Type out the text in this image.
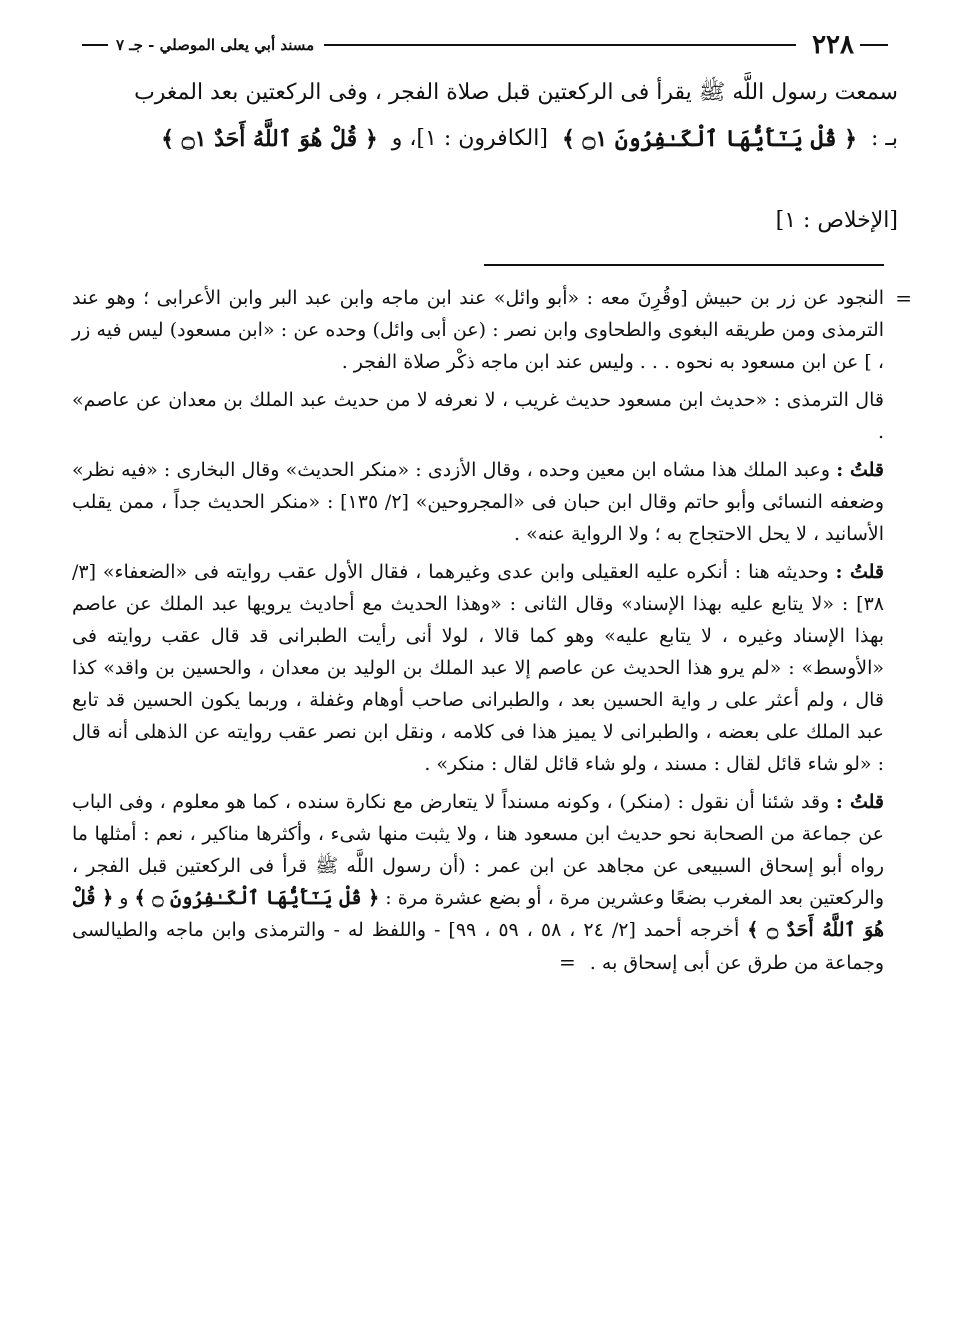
٢٢٨
مسند أبي يعلى الموصلي - جـ ٧

سمعت رسول اللَّه ﷺ يقرأ فى الركعتين قبل صلاة الفجر ، وفى الركعتين بعد المغرب

بـ :
﴿ قُلْ يَـٰٓأَيُّهَا ٱلْكَـٰفِرُونَ ۝١ ﴾
[الكافرون : ١]، و
﴿ قُلْ هُوَ ٱللَّهُ أَحَدٌ ۝١ ﴾

[الإخلاص : ١]
=

النجود عن زر بن حبيش [وقُرِنَ معه : «أبو وائل» عند ابن ماجه وابن عبد البر وابن الأعرابى ؛ وهو عند الترمذى ومن طريقه البغوى والطحاوى وابن نصر : (عن أبى وائل) وحده عن : «ابن مسعود) ليس فيه زر ، ] عن ابن مسعود به نحوه . . . وليس عند ابن ماجه ذكْر صلاة الفجر .

قال الترمذى : «حديث ابن مسعود حديث غريب ، لا نعرفه لا من حديث عبد الملك بن معدان عن عاصم» .

قلتُ : وعبد الملك هذا مشاه ابن معين وحده ، وقال الأزدى : «منكر الحديث» وقال البخارى : «فيه نظر» وضعفه النسائى وأبو حاتم وقال ابن حبان فى «المجروحين» [٢/ ١٣٥] : «منكر الحديث جداً ، ممن يقلب الأسانيد ، لا يحل الاحتجاج به ؛ ولا الرواية عنه» .

قلتُ : وحديثه هنا : أنكره عليه العقيلى وابن عدى وغيرهما ، فقال الأول عقب روايته فى «الضعفاء» [٣/ ٣٨] : «لا يتابع عليه بهذا الإسناد» وقال الثانى : «وهذا الحديث مع أحاديث يرويها عبد الملك عن عاصم بهذا الإسناد وغيره ، لا يتابع عليه» وهو كما قالا ، لولا أنى رأيت الطبرانى قد قال عقب روايته فى «الأوسط» : «لم يرو هذا الحديث عن عاصم إلا عبد الملك بن الوليد بن معدان ، والحسين بن واقد» كذا قال ، ولم أعثر على ر واية الحسين بعد ، والطبرانى صاحب أوهام وغفلة ، وربما يكون الحسين قد تابع عبد الملك على بعضه ، والطبرانى لا يميز هذا فى كلامه ، ونقل ابن نصر عقب روايته عن الذهلى أنه قال : «لو شاء قائل لقال : مسند ، ولو شاء قائل لقال : منكر» .

قلتُ : وقد شئنا أن نقول : (منكر) ، وكونه مسنداً لا يتعارض مع نكارة سنده ، كما هو معلوم ، وفى الباب عن جماعة من الصحابة نحو حديث ابن مسعود هنا ، ولا يثبت منها شىء ، وأكثرها مناكير ، نعم : أمثلها ما رواه أبو إسحاق السبيعى عن مجاهد عن ابن عمر : (أن رسول اللَّه ﷺ قرأ فى الركعتين قبل الفجر ، والركعتين بعد المغرب بضعًا وعشرين مرة ، أو بضع عشرة مرة : ﴿ قُلْ يَـٰٓأَيُّهَا ٱلْكَـٰفِرُونَ ۝ ﴾ و ﴿ قُلْ هُوَ ٱللَّهُ أَحَدٌ ۝ ﴾ أخرجه أحمد [٢/ ٢٤ ، ٥٨ ، ٥٩ ، ٩٩] - واللفظ له - والترمذى وابن ماجه والطيالسى وجماعة من طرق عن أبى إسحاق به . =
